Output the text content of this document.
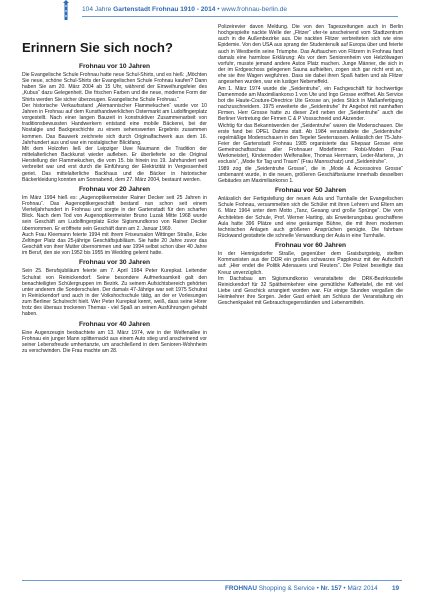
104 Jahre Gartenstadt Frohnau 1910 - 2014 • www.frohnau-berlin.de
Erinnern Sie sich noch?
Frohnau vor 10 Jahren

Die Evangelische Schule Frohnau hatte neue Schul-Shirts, und es hieß: „Möchten Sie neue, schöne Schul-Shirts der Evangelischen Schule Frohnau kaufen? Dann haben Sie am 20. März 2004 ab 15 Uhr, während der Einweihungsfeier des „Kubus“ dazu Gelegenheit. Die frischen Farben und die neue, moderne Form der Shirts werden Sie sicher überzeugen. Evangelische Schule Frohnau.“

Der historische Verkaufsstand „Alemannischer Flammekuchen“ wurde vor 10 Jahren in Frohnau auf dem Kunsthandwerklichen Ostermarkt am Ludolfingerplatz vorgestellt. Nach einer langen Bauzeit in konstruktiver Zusammenarbeit von traditionsbewussten Handwerkern entstand eine mobile Bäckerei, bei der Nostalgie und Backgeschichte zu einem sehenswerten Ergebnis zusammen kommen. Das Bauwerk zeichnete sich durch Originalfachwerk aus dem 16. Jahrhundert aus und war ein nostalgischer Blickfang.

Mit dem Holzofen ließ der Leipziger Uwe Naumann die Tradition der mittelalterlichen Backkunst wieder aufleben. Er überlieferte so die Original Herstellung der Flammekuchen, die vom 15. bis hinein ins 19. Jahrhundert weit verbreitet war und erst durch die Einführung der Elektrizität in Vergessenheit geriet. Das mittelalterliche Backhaus und die Bäcker in historischer Bäckerkleidung konnten am Sonnabend, dem 27. März 2004, bestaunt werden.

Frohnau vor 20 Jahren

Im März 1994 hieß es: „Augenoptikermeister Rainer Decker seit 25 Jahren in Frohnau“. Das Augenoptikergeschäft bestand nun schon seit einem Vierteljahrhundert in Frohnau und sorgte in der Gartenstadt für den scharfen Blick. Nach dem Tod von Augenoptikermeister Bruno Luzak Mitte 1968 wurde sein Geschäft am Ludolfingerplatz Ecke Sigismundkorso von Rainer Decker übernommen. Er eröffnete sein Geschäft dann am 2. Januar 1969.

Auch Frau Kleemann feierte 1994 mit ihrem Friseursalon Wittinger Straße, Ecke Zeltinger Platz das 25-jährige Geschäftsjubiläum. Sie hatte 20 Jahre zuvor das Geschäft von ihrer Mutter übernommen und war 1994 selbst schon über 40 Jahre im Beruf, den sie von 1952 bis 1955 im Wedding gelernt hatte.

Frohnau vor 30 Jahren

Sein 25. Berufsjubiläum feierte am 7. April 1984 Peter Kurepkat. Leitender Schulrat von Reinickendorf. Seine besondere Aufmerksamkeit galt den benachteiligten Schülergruppen im Bezirk. Zu seinem Aufsichtsbereich gehörten unter anderem die Sonderschulen. Der damals 47-Jährige war seit 1975 Schulrat in Reinickendorf und auch in der Volkshochschule tätig, an der er Vorlesungen zum Berliner Schulrecht hielt. Wer Peter Kurepkat kennt, weiß, dass seine Hörer trotz des überaus trockenen Themas - viel Spaß an seinen Ausführungen gehabt haben.

Frohnau vor 40 Jahren

Eine Augenzeugin beobachtete am 13. März 1974, wie in der Welfenallee in Frohnau ein junger Mann splitternackt aus einem Auto stieg und anscheinend vor seiner Lebensfreude umhertanzte, um anschließend in dem Senioren-Wohnheim zu verschwinden. Die Frau machte am 28.

Polizeirevier davon Meldung. Die von den Tageszeitungen auch in Berlin hochgespielte nackte Welle der „Flitzer“ ufer-te anscheinend vom Stadtzentrum auch in die Außenbezirke aus. Die nackten Flitzer verbreiteten sich wie eine Epidemie. Von den USA aus sprang der Studentenulk auf Europa über und feierte auch in Westberlin seine Triumphe. Das Auftauchen von Flitzern in Frohnau fand damals eine harmlose Erklärung: Als vor dem Seniorenheim von Helzölwagen vorfuhr, musste jemand andere Autos Platz machen. Junge Männer, die sich in der im Erdgeschoss gelegenen Sauna aufhielten, zogen sich gar nicht erst an, ehe sie ihre Wagen wegfuhren. Dass sie dabei ihren Spaß hatten und als Flitzer angesehen wurden, war ein lustiger Nebeneffekt.

Am 1. März 1974 wurde die „Seidentruhe“, ein Fachgeschäft für hochwertige Damenmode am Maximiliankorso 1 von Ute und Ingo Grosse eröffnet. Als Service bot die Haute-Couture-Directrice Ute Grosse an, jedes Stück in Maßanfertigung nachzuschneidern. 1975 erweiterte die „Seidentruhe“ ihr Angebot mit namhaften Firmen. Herr Grosse hatte zu dieser Zeit neben der „Seidentruhe“ auch die Berliner Vertretung der Firmen C & P Vossschneid und Akzender.

Wichtig für das Bekanntwerden der „Seidentruhe“ waren die Modenschauen. Die erste fand bei OPEL Dahms statt. Ab 1984 veranstaltete die „Seidentruhe“ regelmäßige Modenschauen in den Tegeler Seeterrassen. Anlässlich der 75-Jahr-Feier der Gartenstadt Frohnau 1985 organisierte das Ehepaar Grosse eine Gemeinschaftsschau aller Frohnauer Modefirmen: Robü-Moden (Frau Werkmeister), Kindermoden Welfenallee, Thomas Herrmann, Leder-Martens, „In exclusiv“, „Mode für Tag und Traum“ (Frau Mannschatz) und „Seidentruhe“.

1989 zog die „Seidentruhe Grosse“, die in „Mode & Accessoires Grosse“ umbenannt wurde, in die neuen, größeren Geschäftsräume innerhalb desselben Gebäudes am Maximiliankorso 1.

Frohnau vor 50 Jahren

Anlässlich der Fertigstellung der neuen Aula und Turnhalle der Evangelischen Schule Frohnau, versammelten sich die Schüler mit ihren Lehrern und Eltern am 6. März 1964 unter dem Motto „Tanz, Gesang und große Sprünge“. Die vom Architekten der Schule, Prof. Werner Harting, als Erweiterungsbau geschaffene Aula hatte 396 Plätze und eine geräumige Bühne, die mit ihren modernen technischen Anlagen auch größeren Ansprüchen genügte. Die fahrbare Rückwand gestattete die schnelle Verwandlung der Aula in eine Turnhalle.

Frohnau vor 60 Jahren

In der Hennigsdorfer Straße, gegenüber dem Graisburgsteig, stellten Kommunisten aus der DDR ein großes schwarzes Pappkreuz mit der Aufschrift auf: „Hier endet die Politik Adenauers und Reuters“. Die Polizei beseitigte das Kreuz unverzüglich.

Im Dachsbau am Sigismundkorso veranstaltete die DRK-Bezirksstelle Reinickendorf für 32 Spätheimkehrer eine gemütliche Kaffeetafel, die mit viel Liebe und Geschick arrangiert worden war. Für einige Stunden vergaßen die Heimkehrer ihre Sorgen. Jeder Gast erhielt am Schluss der Veranstaltung ein Geschenkpaket mit Gebrauchsgegenständen und Lebensmitteln.

FROHNAU Shopping & Service • Nr. 157 • März 2014 19
